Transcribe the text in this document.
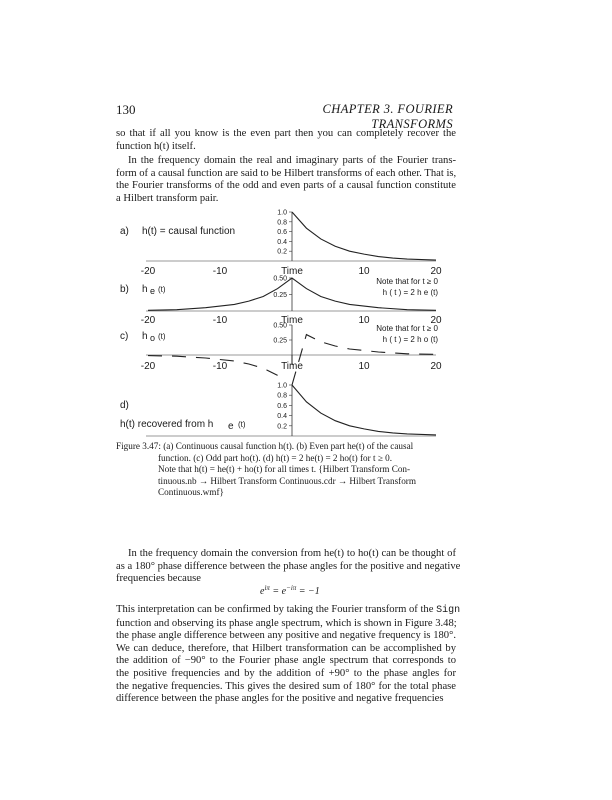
130	CHAPTER 3. FOURIER TRANSFORMS
so that if all you know is the even part then you can completely recover the
function h(t) itself.
In the frequency domain the real and imaginary parts of the Fourier trans-
form of a causal function are said to be Hilbert transforms of each other. That is,
the Fourier transforms of the odd and even parts of a causal function constitute
a Hilbert transform pair.
1.0
0.8
0.6
0.4
0.2
a) h(t) = causal function
-20	-10	10	20
Time
0.50
0.25
b) h e (t)
Note that for t ≥ 0
h ( t ) = 2 h e (t)
-20	-10	10	20
Time
0.50
0.25
c) h o (t)
Note that for t ≥ 0
h ( t ) = 2 h o (t)
-20	-10	10	20
Time
1.0
0.8
0.6
0.4
0.2
d)
h(t) recovered from h e (t)
Figure 3.47: (a) Continuous causal function h(t). (b) Even part he(t) of the causal
function. (c) Odd part ho(t). (d) h(t) = 2 he(t) = 2 ho(t) for t ≥ 0.
Note that h(t) = he(t) + ho(t) for all times t. {Hilbert Transform Con-
tinuous.nb → Hilbert Transform Continuous.cdr → Hilbert Transform
Continuous.wmf}
In the frequency domain the conversion from he(t) to ho(t) can be thought of
as a 180° phase difference between the phase angles for the positive and negative
frequencies because
$e^{i\pi} = e^{-i\pi} = -1$
This interpretation can be confirmed by taking the Fourier transform of the Sign
function and observing its phase angle spectrum, which is shown in Figure 3.48;
the phase angle difference between any positive and negative frequency is 180°.
We can deduce, therefore, that Hilbert transformation can be accomplished by
the addition of −90° to the Fourier phase angle spectrum that corresponds to
the positive frequencies and by the addition of +90° to the phase angles for
the negative frequencies. This gives the desired sum of 180° for the total phase
difference between the phase angles for the positive and negative frequencies
